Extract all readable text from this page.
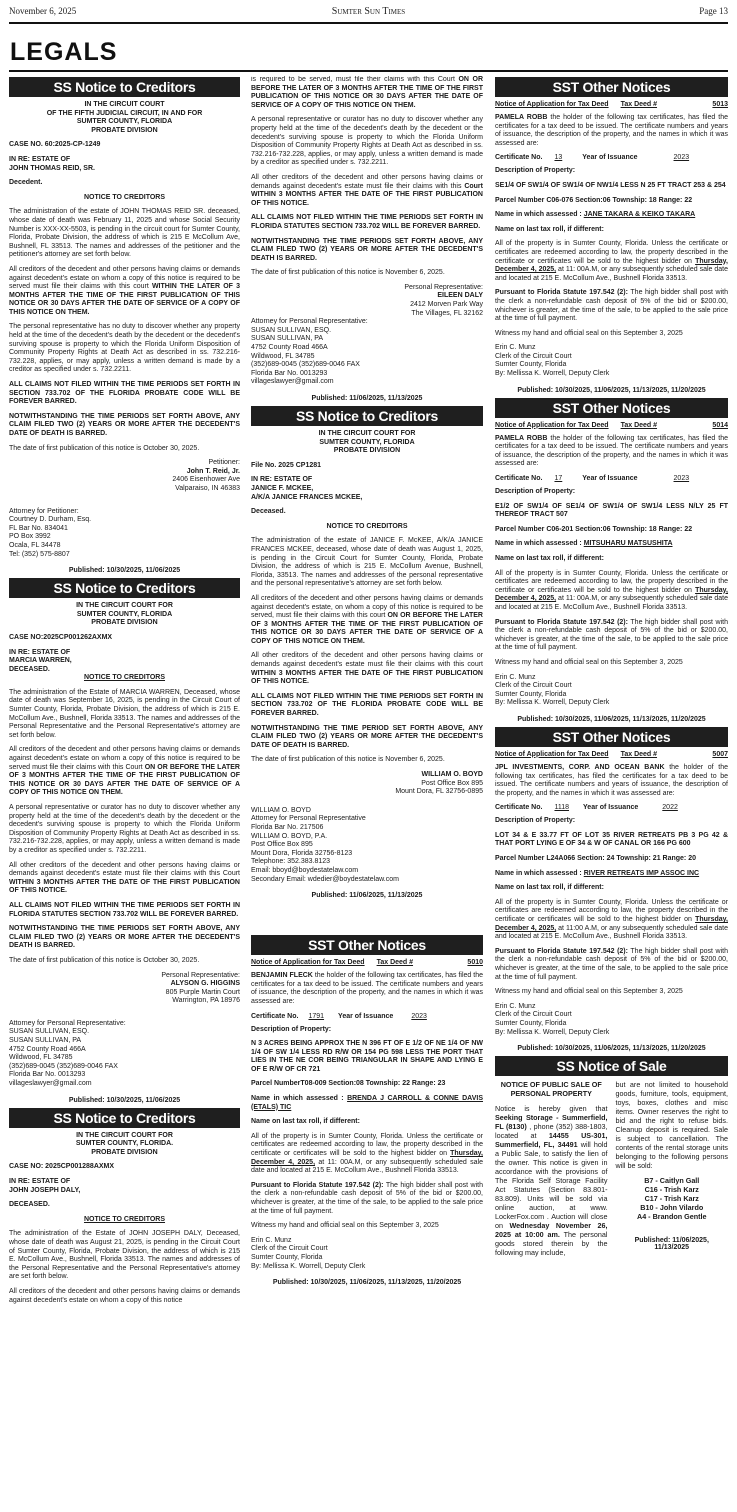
November 6, 2025	Sumter Sun Times	Page 13
LEGALS
SS Notice to Creditors
IN THE CIRCUIT COURT
OF THE FIFTH JUDICIAL CIRCUIT, IN AND FOR
SUMTER COUNTY, FLORIDA
PROBATE DIVISION
CASE NO. 60:2025-CP-1249
IN RE: ESTATE OF
JOHN THOMAS REID, SR.
Decedent.
NOTICE TO CREDITORS
The administration of the estate of JOHN THOMAS REID SR. deceased, whose date of death was February 11, 2025 and whose Social Security Number is XXX-XX-5503, is pending in the circuit court for Sumter County, Florida, Probate Division, the address of which is 215 E McCollum Ave, Bushnell, FL 33513. The names and addresses of the petitioner and the petitioner's attorney are set forth below.
All creditors of the decedent and other persons having claims or demands against decedent's estate on whom a copy of this notice is required to be served must file their claims with this court WITHIN THE LATER OF 3 MONTHS AFTER THE TIME OF THE FIRST PUBLICATION OF THIS NOTICE OR 30 DAYS AFTER THE DATE OF SERVICE OF A COPY OF THIS NOTICE ON THEM.
The personal representative has no duty to discover whether any property held at the time of the decedent's death by the decedent or the decedent's surviving spouse is property to which the Florida Uniform Disposition of Community Property Rights at Death Act as described in ss. 732.216-732.228, applies, or may apply, unless a written demand is made by a creditor as specified under s. 732.2211.
ALL CLAIMS NOT FILED WITHIN THE TIME PERIODS SET FORTH IN SECTION 733.702 OF THE FLORIDA PROBATE CODE WILL BE FOREVER BARRED.
NOTWITHSTANDING THE TIME PERIODS SET FORTH ABOVE, ANY CLAIM FILED TWO (2) YEARS OR MORE AFTER THE DECEDENT'S DATE OF DEATH IS BARRED.
The date of first publication of this notice is October 30, 2025.
Petitioner:
John T. Reid, Jr.
2406 Eisenhower Ave
Valparaiso, IN 46383
Attorney for Petitioner:
Courtney D. Durham, Esq.
FL Bar No. 834041
PO Box 3992
Ocala, FL 34478
Tel: (352) 575-8807
Published: 10/30/2025, 11/06/2025
SS Notice to Creditors
IN THE CIRCUIT COURT FOR
SUMTER COUNTY, FLORIDA
PROBATE DIVISION
CASE NO:2025CP001262AXMX
IN RE: ESTATE OF
MARCIA WARREN,
DECEASED.
NOTICE TO CREDITORS
The administration of the Estate of MARCIA WARREN, Deceased, whose date of death was September 16, 2025, is pending in the Circuit Court of Sumter County, Florida, Probate Division, the address of which is 215 E. McCollum Ave., Bushnell, Florida 33513. The names and addresses of the Personal Representative and the Personal Representative's attorney are set forth below.
All creditors of the decedent and other persons having claims or demands against decedent's estate on whom a copy of this notice is required to be served must file their claims with this Court ON OR BEFORE THE LATER OF 3 MONTHS AFTER THE TIME OF THE FIRST PUBLICATION OF THIS NOTICE OR 30 DAYS AFTER THE DATE OF SERVICE OF A COPY OF THIS NOTICE ON THEM.
A personal representative or curator has no duty to discover whether any property held at the time of the decedent's death by the decedent or the decedent's surviving spouse is property to which the Florida Uniform Disposition of Community Property Rights at Death Act as described in ss. 732.216-732.228, applies, or may apply, unless a written demand is made by a creditor as specified under s. 732.2211.
All other creditors of the decedent and other persons having claims or demands against decedent's estate must file their claims with this Court WITHIN 3 MONTHS AFTER THE DATE OF THE FIRST PUBLICATION OF THIS NOTICE.
ALL CLAIMS NOT FILED WITHIN THE TIME PERIODS SET FORTH IN FLORIDA STATUTES SECTION 733.702 WILL BE FOREVER BARRED.
NOTWITHSTANDING THE TIME PERIODS SET FORTH ABOVE, ANY CLAIM FILED TWO (2) YEARS OR MORE AFTER THE DECEDENT'S DEATH IS BARRED.
The date of first publication of this notice is October 30, 2025.
Personal Representative:
ALYSON G. HIGGINS
805 Purple Martin Court
Warrington, PA 18976
Attorney for Personal Representative:
SUSAN SULLIVAN, ESQ.
SUSAN SULLIVAN, PA
4752 County Road 466A
Wildwood, FL 34785
(352)689-0045 (352)689-0046 FAX
Florida Bar No. 0013293
villageslawyer@gmail.com
Published: 10/30/2025, 11/06/2025
SS Notice to Creditors
IN THE CIRCUIT COURT FOR
SUMTER COUNTY, FLORIDA.
PROBATE DIVISION
CASE NO: 2025CP001288AXMX
IN RE: ESTATE OF
JOHN JOSEPH DALY,
DECEASED.
NOTICE TO CREDITORS
The administration of the Estate of JOHN JOSEPH DALY, Deceased, whose date of death was August 21, 2025, is pending in the Circuit Court of Sumter County, Florida, Probate Division, the address of which is 215 E. McCollum Ave., Bushnell, Florida 33513. The names and addresses of the Personal Representative and the Personal Representative's attorney are set forth below.
All creditors of the decedent and other persons having claims or demands against decedent's estate on whom a copy of this notice
is required to be served, must file their claims with this Court ON OR BEFORE THE LATER OF 3 MONTHS AFTER THE TIME OF THE FIRST PUBLICATION OF THIS NOTICE OR 30 DAYS AFTER THE DATE OF SERVICE OF A COPY OF THIS NOTICE ON THEM.
A personal representative or curator has no duty to discover whether any property held at the time of the decedent's death by the decedent or the decedent's surviving spouse is property to which the Florida Uniform Disposition of Community Property Rights at Death Act as described in ss. 732.216-732.228, applies, or may apply, unless a written demand is made by a creditor as specified under s. 732.2211.
All other creditors of the decedent and other persons having claims or demands against decedent's estate must file their claims with this Court WITHIN 3 MONTHS AFTER THE DATE OF THE FIRST PUBLICATION OF THIS NOTICE.
ALL CLAIMS NOT FILED WITHIN THE TIME PERIODS SET FORTH IN FLORIDA STATUTES SECTION 733.702 WILL BE FOREVER BARRED.
NOTWITHSTANDING THE TIME PERIODS SET FORTH ABOVE, ANY CLAIM FILED TWO (2) YEARS OR MORE AFTER THE DECEDENT'S DEATH IS BARRED.
The date of first publication of this notice is November 6, 2025.
Personal Representative:
EILEEN DALY
2412 Morven Park Way
The Villages, FL 32162
Attorney for Personal Representative:
SUSAN SULLIVAN, ESQ.
SUSAN SULLIVAN, PA
4752 County Road 466A
Wildwood, FL 34785
(352)689-0045 (352)689-0046 FAX
Florida Bar No. 0013293
villageslawyer@gmail.com
Published: 11/06/2025, 11/13/2025
SS Notice to Creditors
IN THE CIRCUIT COURT FOR
SUMTER COUNTY, FLORIDA
PROBATE DIVISION
File No. 2025 CP1281
IN RE: ESTATE OF
JANICE F. MCKEE,
A/K/A JANICE FRANCES MCKEE,
Deceased.
NOTICE TO CREDITORS
The administration of the estate of JANICE F. McKEE, A/K/A JANICE FRANCES MCKEE, deceased, whose date of death was August 1, 2025, is pending in the Circuit Court for Sumter County, Florida, Probate Division, the address of which is 215 E. McCollum Avenue, Bushnell, Florida, 33513. The names and addresses of the personal representative and the personal representative's attorney are set forth below.
All creditors of the decedent and other persons having claims or demands against decedent's estate, on whom a copy of this notice is required to be served, must file their claims with this court ON OR BEFORE THE LATER OF 3 MONTHS AFTER THE TIME OF THE FIRST PUBLICATION OF THIS NOTICE OR 30 DAYS AFTER THE DATE OF SERVICE OF A COPY OF THIS NOTICE ON THEM.
All other creditors of the decedent and other persons having claims or demands against decedent's estate must file their claims with this court WITHIN 3 MONTHS AFTER THE DATE OF THE FIRST PUBLICATION OF THIS NOTICE.
ALL CLAIMS NOT FILED WITHIN THE TIME PERIODS SET FORTH IN SECTION 733.702 OF THE FLORIDA PROBATE CODE WILL BE FOREVER BARRED.
NOTWITHSTANDING THE TIME PERIOD SET FORTH ABOVE, ANY CLAIM FILED TWO (2) YEARS OR MORE AFTER THE DECEDENT'S DATE OF DEATH IS BARRED.
The date of first publication of this notice is November 6, 2025.
WILLIAM O. BOYD
Post Office Box 895
Mount Dora, FL 32756-0895
WILLIAM O. BOYD
Attorney for Personal Representative
Florida Bar No. 217506
WILLIAM O. BOYD, P.A.
Post Office Box 895
Mount Dora, Florida 32756-8123
Telephone: 352.383.8123
Email: bboyd@boydestatelaw.com
Secondary Email: wdedier@boydestatelaw.com
Published: 11/06/2025, 11/13/2025
SST Other Notices
Notice of Application for Tax Deed Tax Deed #	5010
BENJAMIN FLECK the holder of the following tax certificates, has filed the certificates for a tax deed to be issued. The certificate numbers and years of issuance, the description of the property, and the names in which it was assessed are:
Certificate No. 1791 Year of Issuance	2023
Description of Property:
N 3 ACRES BEING APPROX THE N 396 FT OF E 1/2 OF NE 1/4 OF NW 1/4 OF SW 1/4 LESS RD R/W OR 154 PG 598 LESS THE PORT THAT LIES IN THE NE COR BEING TRIANGULAR IN SHAPE AND LYING E OF E R/W OF CR 721
Parcel NumberT08-009 Section:08 Township: 22 Range: 23
Name in which assessed : BRENDA J CARROLL & CONNE DAVIS (ETALS) TIC
Name on last tax roll, if different:
All of the property is in Sumter County, Florida. Unless the certificate or certificates are redeemed according to law, the property described in the certificate or certificates will be sold to the highest bidder on Thursday, December 4, 2025, at 11: 00A.M, or any subsequently scheduled sale date and located at 215 E. McCollum Ave., Bushnell Florida 33513.
Pursuant to Florida Statute 197.542 (2): The high bidder shall post with the clerk a non-refundable cash deposit of 5% of the bid or $200.00, whichever is greater, at the time of the sale, to be applied to the sale price at the time of full payment.
Witness my hand and official seal on this September 3, 2025
Erin C. Munz
Clerk of the Circuit Court
Sumter County, Florida
By: Mellissa K. Worrell, Deputy Clerk
Published: 10/30/2025, 11/06/2025, 11/13/2025, 11/20/2025
SST Other Notices
Notice of Application for Tax Deed Tax Deed #	5013
PAMELA ROBB the holder of the following tax certificates, has filed the certificates for a tax deed to be issued. The certificate numbers and years of issuance, the description of the property, and the names in which it was assessed are:
Certificate No. 13	Year of Issuance	2023
Description of Property:
SE1/4 OF SW1/4 OF SW1/4 OF NW1/4 LESS N 25 FT TRACT 253 & 254
Parcel Number C06-076 Section:06 Township: 18 Range: 22
Name in which assessed : JANE TAKARA & KEIKO TAKARA
Name on last tax roll, if different:
All of the property is in Sumter County, Florida. Unless the certificate or certificates are redeemed according to law, the property described in the certificate or certificates will be sold to the highest bidder on Thursday, December 4, 2025, at 11: 00A.M, or any subsequently scheduled sale date and located at 215 E. McCollum Ave., Bushnell Florida 33513.
Pursuant to Florida Statute 197.542 (2): The high bidder shall post with the clerk a non-refundable cash deposit of 5% of the bid or $200.00, whichever is greater, at the time of the sale, to be applied to the sale price at the time of full payment.
Witness my hand and official seal on this September 3, 2025
Erin C. Munz
Clerk of the Circuit Court
Sumter County, Florida
By: Mellissa K. Worrell, Deputy Clerk
Published: 10/30/2025, 11/06/2025, 11/13/2025, 11/20/2025
SST Other Notices
Notice of Application for Tax Deed Tax Deed #	5014
PAMELA ROBB the holder of the following tax certificates, has filed the certificates for a tax deed to be issued. The certificate numbers and years of issuance, the description of the property, and the names in which it was assessed are:
Certificate No. 17	Year of Issuance	2023
Description of Property:
E1/2 OF SW1/4 OF SE1/4 OF SW1/4 OF SW1/4 LESS N/LY 25 FT THEREOF TRACT 507
Parcel Number C06-201 Section:06 Township: 18 Range: 22
Name in which assessed : MITSUHARU MATSUSHITA
Name on last tax roll, if different:
All of the property is in Sumter County, Florida. Unless the certificate or certificates are redeemed according to law, the property described in the certificate or certificates will be sold to the highest bidder on Thursday, December 4, 2025, at 11: 00A.M, or any subsequently scheduled sale date and located at 215 E. McCollum Ave., Bushnell Florida 33513.
Pursuant to Florida Statute 197.542 (2): The high bidder shall post with the clerk a non-refundable cash deposit of 5% of the bid or $200.00, whichever is greater, at the time of the sale, to be applied to the sale price at the time of full payment.
Witness my hand and official seal on this September 3, 2025
Erin C. Munz
Clerk of the Circuit Court
Sumter County, Florida
By: Mellissa K. Worrell, Deputy Clerk
Published: 10/30/2025, 11/06/2025, 11/13/2025, 11/20/2025
SST Other Notices
Notice of Application for Tax Deed Tax Deed #	5007
JPL INVESTMENTS, CORP. AND OCEAN BANK the holder of the following tax certificates, has filed the certificates for a tax deed to be issued. The certificate numbers and years of issuance, the description of the property, and the names in which it was assessed are:
Certificate No. 1118 Year of Issuance	2022
Description of Property:
LOT 34 & E 33.77 FT OF LOT 35 RIVER RETREATS PB 3 PG 42 & THAT PORT LYING E OF 34 & W OF CANAL OR 166 PG 600
Parcel Number L24A066 Section: 24 Township: 21 Range: 20
Name in which assessed : RIVER RETREATS IMP ASSOC INC
Name on last tax roll, if different:
All of the property is in Sumter County, Florida. Unless the certificate or certificates are redeemed according to law, the property described in the certificate or certificates will be sold to the highest bidder on Thursday, December 4, 2025, at 11:00 A.M, or any subsequently scheduled sale date and located at 215 E. McCollum Ave., Bushnell Florida 33513.
Pursuant to Florida Statute 197.542 (2): The high bidder shall post with the clerk a non-refundable cash deposit of 5% of the bid or $200.00, whichever is greater, at the time of the sale, to be applied to the sale price at the time of full payment.
Witness my hand and official seal on this September 3, 2025
Erin C. Munz
Clerk of the Circuit Court
Sumter County, Florida
By: Mellissa K. Worrell, Deputy Clerk
Published: 10/30/2025, 11/06/2025, 11/13/2025, 11/20/2025
SS Notice of Sale
NOTICE OF PUBLIC SALE OF PERSONAL PROPERTY
Notice is hereby given that Seeking Storage - Summerfield, FL (8130) , phone (352) 388-1803, located at 14455 US-301, Summerfield, FL, 34491 will hold a Public Sale, to satisfy the lien of the owner. This notice is given in accordance with the provisions of The Florida Self Storage Facility Act Statutes (Section 83.801-83.809). Units will be sold via online auction, at www. LockerFox.com . Auction will close on Wednesday November 26, 2025 at 10:00 am. The personal goods stored therein by the following may include,
but are not limited to household goods, furniture, tools, equipment, toys, boxes, clothes and misc items. Owner reserves the right to bid and the right to refuse bids. Cleanup deposit is required. Sale is subject to cancellation. The contents of the rental storage units belonging to the following persons will be sold:
B7 - Caitlyn Gall
C16 - Trish Karz
C17 - Trish Karz
B10 - John Vilardo
A4 - Brandon Gentle
Published: 11/06/2025,
11/13/2025
